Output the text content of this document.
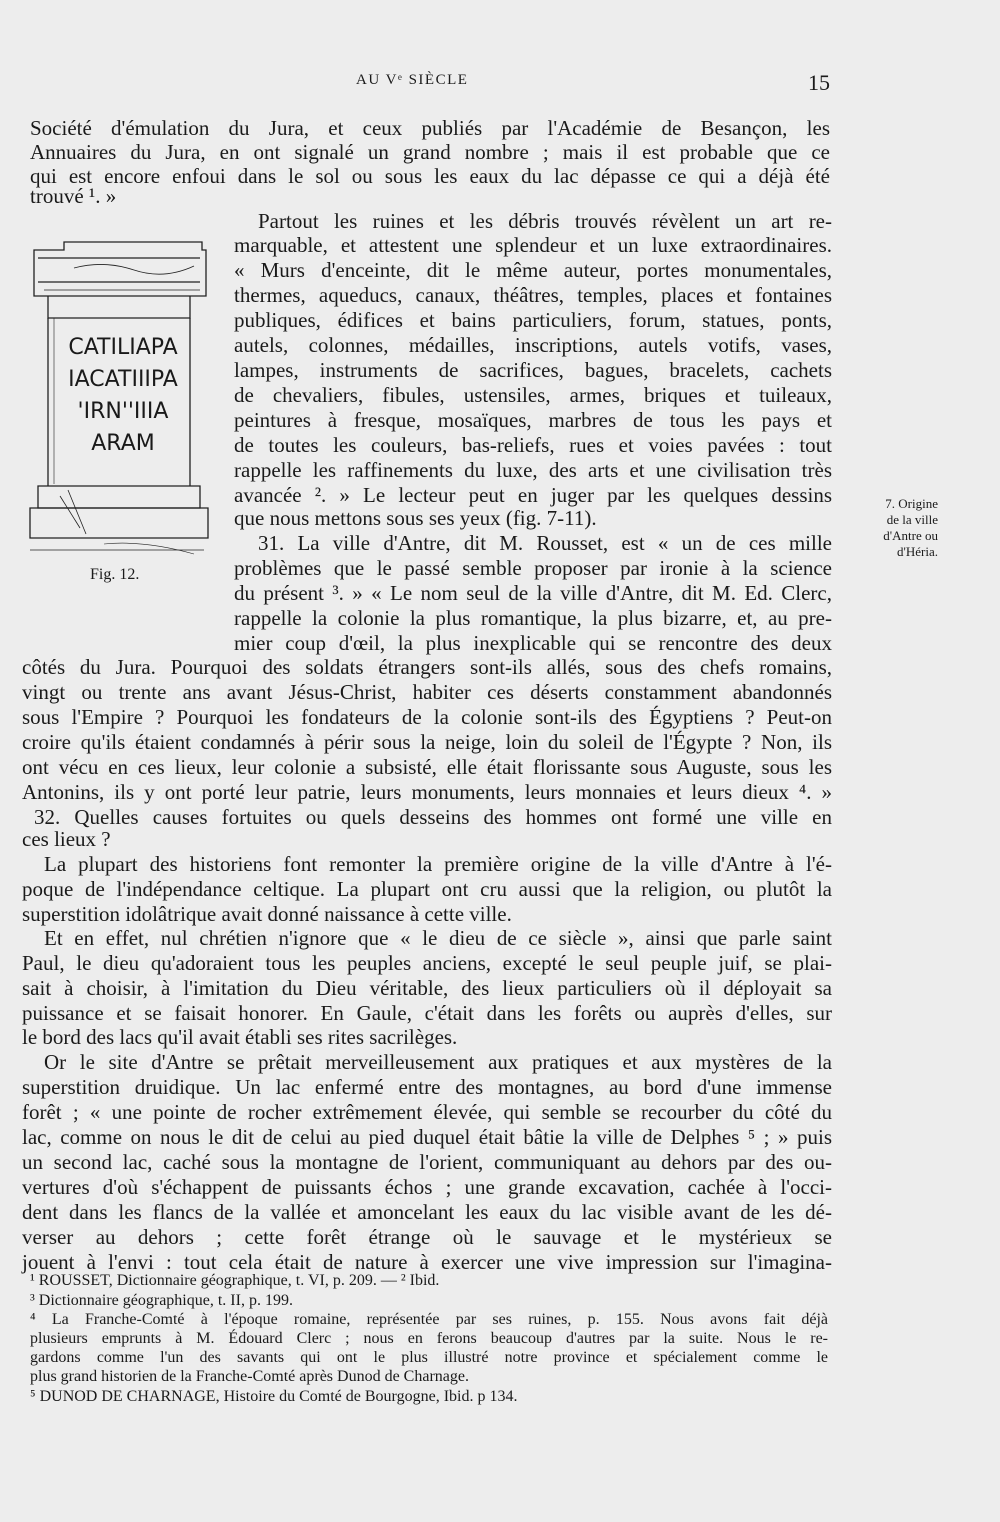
AU Vᵉ SIÈCLE	15
Société d'émulation du Jura, et ceux publiés par l'Académie de Besançon, les
Annuaires du Jura, en ont signalé un grand nombre ; mais il est probable que ce
qui est encore enfoui dans le sol ou sous les eaux du lac dépasse ce qui a déjà été
trouvé ¹. »
Partout les ruines et les débris trouvés révèlent un art re-
marquable, et attestent une splendeur et un luxe extraordinaires.
« Murs d'enceinte, dit le même auteur, portes monumentales,
thermes, aqueducs, canaux, théâtres, temples, places et fontaines
publiques, édifices et bains particuliers, forum, statues, ponts,
autels, colonnes, médailles, inscriptions, autels votifs, vases,
lampes, instruments de sacrifices, bagues, bracelets, cachets
de chevaliers, fibules, ustensiles, armes, briques et tuileaux,
peintures à fresque, mosaïques, marbres de tous les pays et
de toutes les couleurs, bas-reliefs, rues et voies pavées : tout
rappelle les raffinements du luxe, des arts et une civilisation très
avancée ². » Le lecteur peut en juger par les quelques dessins
que nous mettons sous ses yeux (fig. 7-11).
31. La ville d'Antre, dit M. Rousset, est « un de ces mille
problèmes que le passé semble proposer par ironie à la science
du présent ³. » « Le nom seul de la ville d'Antre, dit M. Ed. Clerc,
rappelle la colonie la plus romantique, la plus bizarre, et, au pre-
mier coup d'œil, la plus inexplicable qui se rencontre des deux
côtés du Jura. Pourquoi des soldats étrangers sont-ils allés, sous des chefs romains,
vingt ou trente ans avant Jésus-Christ, habiter ces déserts constamment abandonnés
sous l'Empire ? Pourquoi les fondateurs de la colonie sont-ils des Égyptiens ? Peut-on
croire qu'ils étaient condamnés à périr sous la neige, loin du soleil de l'Égypte ? Non, ils
ont vécu en ces lieux, leur colonie a subsisté, elle était florissante sous Auguste, sous les
Antonins, ils y ont porté leur patrie, leurs monuments, leurs monnaies et leurs dieux ⁴. »
32. Quelles causes fortuites ou quels desseins des hommes ont formé une ville en
ces lieux ?
La plupart des historiens font remonter la première origine de la ville d'Antre à l'é-
poque de l'indépendance celtique. La plupart ont cru aussi que la religion, ou plutôt la
superstition idolâtrique avait donné naissance à cette ville.
Et en effet, nul chrétien n'ignore que « le dieu de ce siècle », ainsi que parle saint
Paul, le dieu qu'adoraient tous les peuples anciens, excepté le seul peuple juif, se plai-
sait à choisir, à l'imitation du Dieu véritable, des lieux particuliers où il déployait sa
puissance et se faisait honorer. En Gaule, c'était dans les forêts ou auprès d'elles, sur
le bord des lacs qu'il avait établi ses rites sacrilèges.
Or le site d'Antre se prêtait merveilleusement aux pratiques et aux mystères de la
superstition druidique. Un lac enfermé entre des montagnes, au bord d'une immense
forêt ; « une pointe de rocher extrêmement élevée, qui semble se recourber du côté du
lac, comme on nous le dit de celui au pied duquel était bâtie la ville de Delphes ⁵ ; » puis
un second lac, caché sous la montagne de l'orient, communiquant au dehors par des ou-
vertures d'où s'échappent de puissants échos ; une grande excavation, cachée à l'occi-
dent dans les flancs de la vallée et amoncelant les eaux du lac visible avant de les dé-
verser au dehors ; cette forêt étrange où le sauvage et le mystérieux se
jouent à l'envi : tout cela était de nature à exercer une vive impression sur l'imagina-
7. Origine
de la ville
d'Antre ou
d'Héria.
CATILIAPA
IACATIIIPA
'IRN''IIIA
ARAM
Fig. 12.
¹ ROUSSET, Dictionnaire géographique, t. VI, p. 209. — ² Ibid.
³ Dictionnaire géographique, t. II, p. 199.
⁴ La Franche-Comté à l'époque romaine, représentée par ses ruines, p. 155. Nous avons fait déjà
plusieurs emprunts à M. Édouard Clerc ; nous en ferons beaucoup d'autres par la suite. Nous le re-
gardons comme l'un des savants qui ont le plus illustré notre province et spécialement comme le
plus grand historien de la Franche-Comté après Dunod de Charnage.
⁵ DUNOD DE CHARNAGE, Histoire du Comté de Bourgogne, Ibid. p 134.
